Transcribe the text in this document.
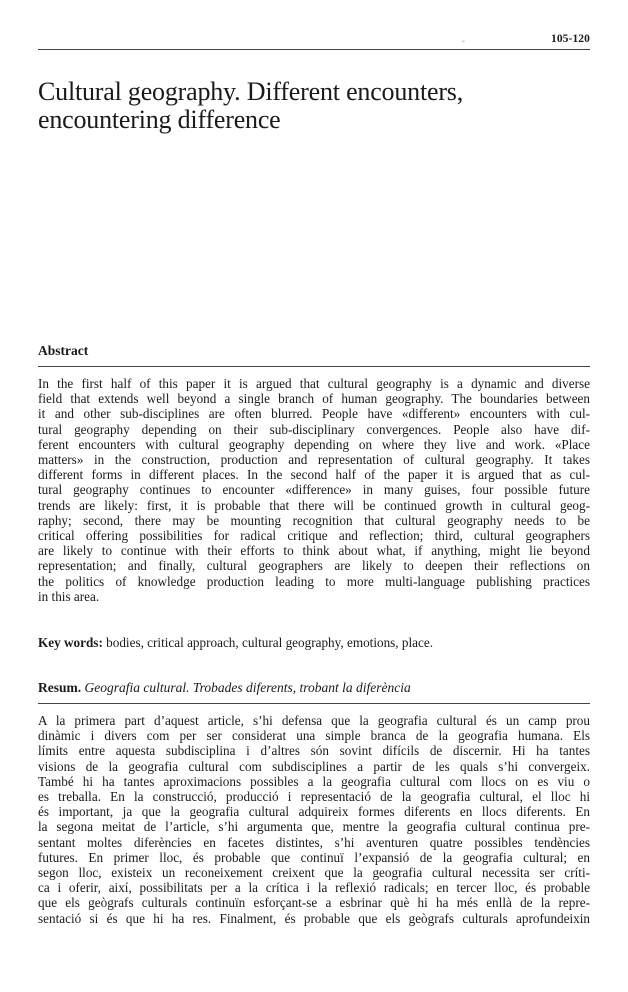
˘	105-120
Cultural geography. Different encounters,
encountering difference
Abstract
In the first half of this paper it is argued that cultural geography is a dynamic and diverse
field that extends well beyond a single branch of human geography. The boundaries between
it and other sub-disciplines are often blurred. People have «different» encounters with cul-
tural geography depending on their sub-disciplinary convergences. People also have dif-
ferent encounters with cultural geography depending on where they live and work. «Place
matters» in the construction, production and representation of cultural geography. It takes
different forms in different places. In the second half of the paper it is argued that as cul-
tural geography continues to encounter «difference» in many guises, four possible future
trends are likely: first, it is probable that there will be continued growth in cultural geog-
raphy; second, there may be mounting recognition that cultural geography needs to be
critical offering possibilities for radical critique and reflection; third, cultural geographers
are likely to continue with their efforts to think about what, if anything, might lie beyond
representation; and finally, cultural geographers are likely to deepen their reflections on
the politics of knowledge production leading to more multi-language publishing practices
in this area.
Key words: bodies, critical approach, cultural geography, emotions, place.
Resum. Geografia cultural. Trobades diferents, trobant la diferència
A la primera part d’aquest article, s’hi defensa que la geografia cultural és un camp prou
dinàmic i divers com per ser considerat una simple branca de la geografia humana. Els
límits entre aquesta subdisciplina i d’altres són sovint difícils de discernir. Hi ha tantes
visions de la geografia cultural com subdisciplines a partir de les quals s’hi convergeix.
També hi ha tantes aproximacions possibles a la geografia cultural com llocs on es viu o
es treballa. En la construcció, producció i representació de la geografia cultural, el lloc hi
és important, ja que la geografia cultural adquireix formes diferents en llocs diferents. En
la segona meitat de l’article, s’hi argumenta que, mentre la geografia cultural continua pre-
sentant moltes diferències en facetes distintes, s’hi aventuren quatre possibles tendències
futures. En primer lloc, és probable que continuï l’expansió de la geografia cultural; en
segon lloc, existeix un reconeixement creixent que la geografia cultural necessita ser críti-
ca i oferir, així, possibilitats per a la crítica i la reflexió radicals; en tercer lloc, és probable
que els geògrafs culturals continuïn esforçant-se a esbrinar què hi ha més enllà de la repre-
sentació si és que hi ha res. Finalment, és probable que els geògrafs culturals aprofundeixin
